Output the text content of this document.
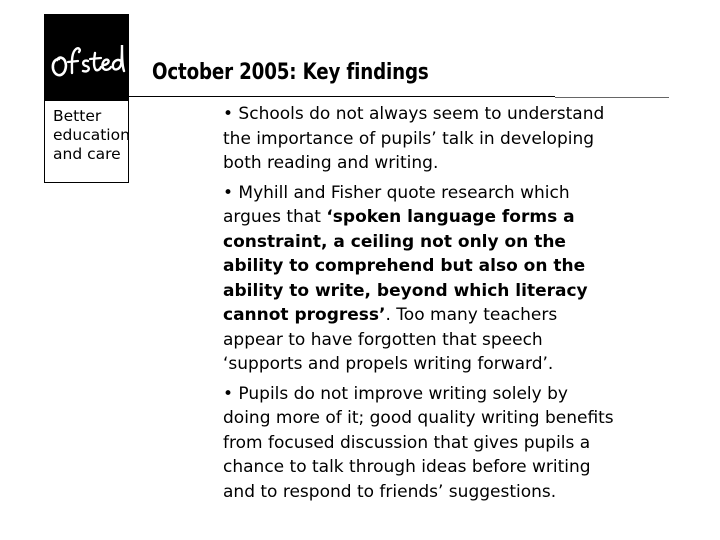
Better
education
and care
October 2005: Key findings
• Schools do not always seem to understand
the importance of pupils’ talk in developing
both reading and writing.
• Myhill and Fisher quote research which
argues that ‘spoken language forms a
constraint, a ceiling not only on the
ability to comprehend but also on the
ability to write, beyond which literacy
cannot progress’. Too many teachers
appear to have forgotten that speech
‘supports and propels writing forward’.
• Pupils do not improve writing solely by
doing more of it; good quality writing benefits
from focused discussion that gives pupils a
chance to talk through ideas before writing
and to respond to friends’ suggestions.
